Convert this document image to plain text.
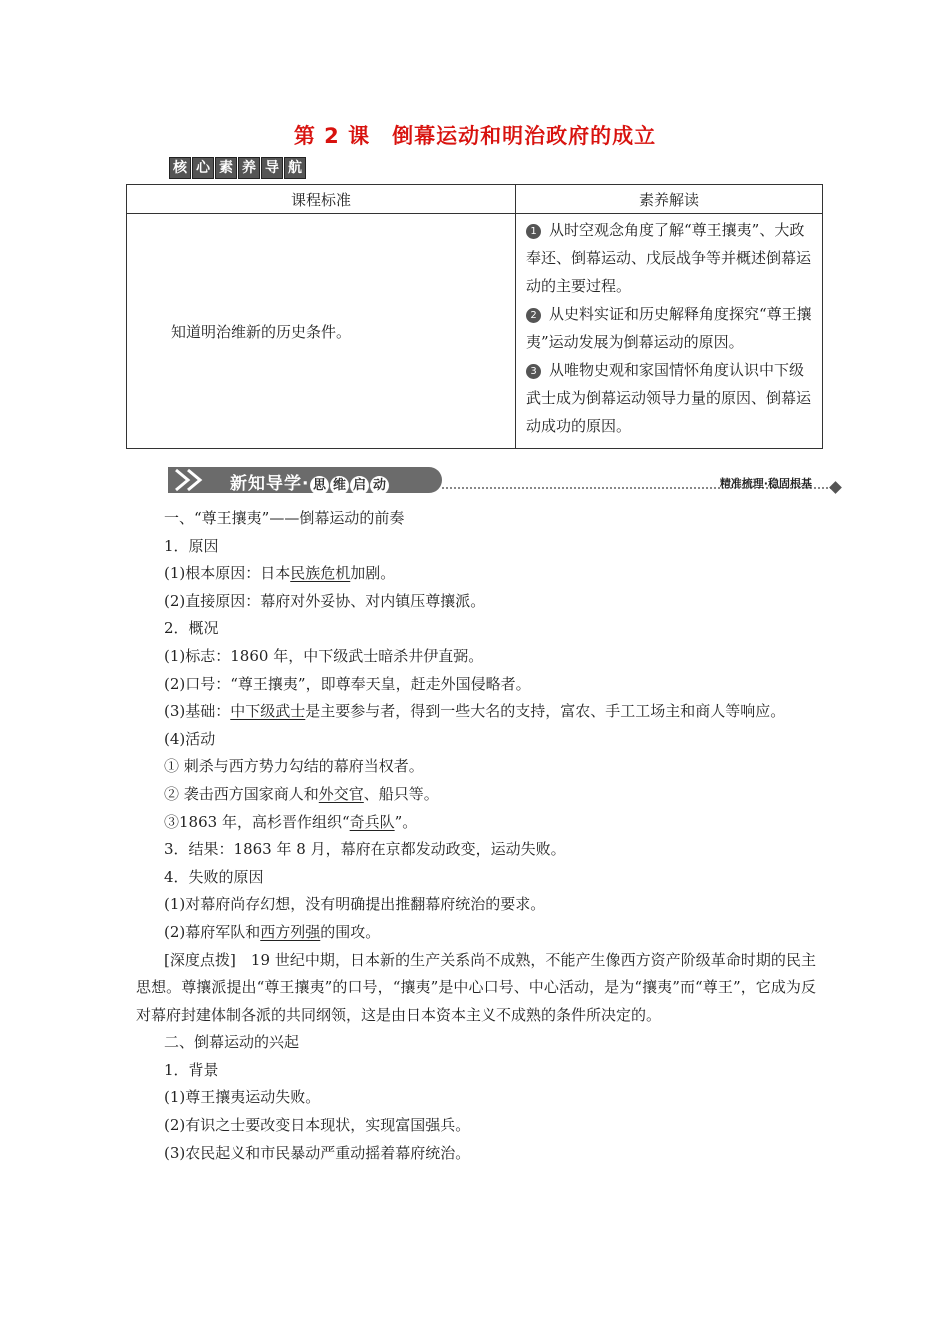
第 2 课　倒幕运动和明治政府的成立
核 心 素 养 导 航
课程标准	素养解读
知道明治维新的历史条件。	1 从时空观念角度了解“尊王攘夷”、大政奉还、倒幕运动、戊辰战争等并概述倒幕运动的主要过程。
2 从史料实证和历史解释角度探究“尊王攘夷”运动发展为倒幕运动的原因。
3 从唯物史观和家国情怀角度认识中下级武士成为倒幕运动领导力量的原因、倒幕运动成功的原因。
新知导学· 思 维 启 动	精准梳理·稳固根基

一、“尊王攘夷”——倒幕运动的前奏

1．原因

(1)根本原因：日本民族危机加剧。

(2)直接原因：幕府对外妥协、对内镇压尊攘派。

2．概况

(1)标志：1860 年，中下级武士暗杀井伊直弼。

(2)口号：“尊王攘夷”，即尊奉天皇，赶走外国侵略者。

(3)基础：中下级武士是主要参与者，得到一些大名的支持，富农、手工工场主和商人等响应。

(4)活动

① 刺杀与西方势力勾结的幕府当权者。

② 袭击西方国家商人和外交官、船只等。

③1863 年，高杉晋作组织“奇兵队”。

3．结果：1863 年 8 月，幕府在京都发动政变，运动失败。

4．失败的原因

(1)对幕府尚存幻想，没有明确提出推翻幕府统治的要求。

(2)幕府军队和西方列强的围攻。

[深度点拨]　19 世纪中期，日本新的生产关系尚不成熟，不能产生像西方资产阶级革命时期的民主思想。尊攘派提出“尊王攘夷”的口号，“攘夷”是中心口号、中心活动，是为“攘夷”而“尊王”，它成为反对幕府封建体制各派的共同纲领，这是由日本资本主义不成熟的条件所决定的。

二、倒幕运动的兴起

1．背景

(1)尊王攘夷运动失败。

(2)有识之士要改变日本现状，实现富国强兵。

(3)农民起义和市民暴动严重动摇着幕府统治。
